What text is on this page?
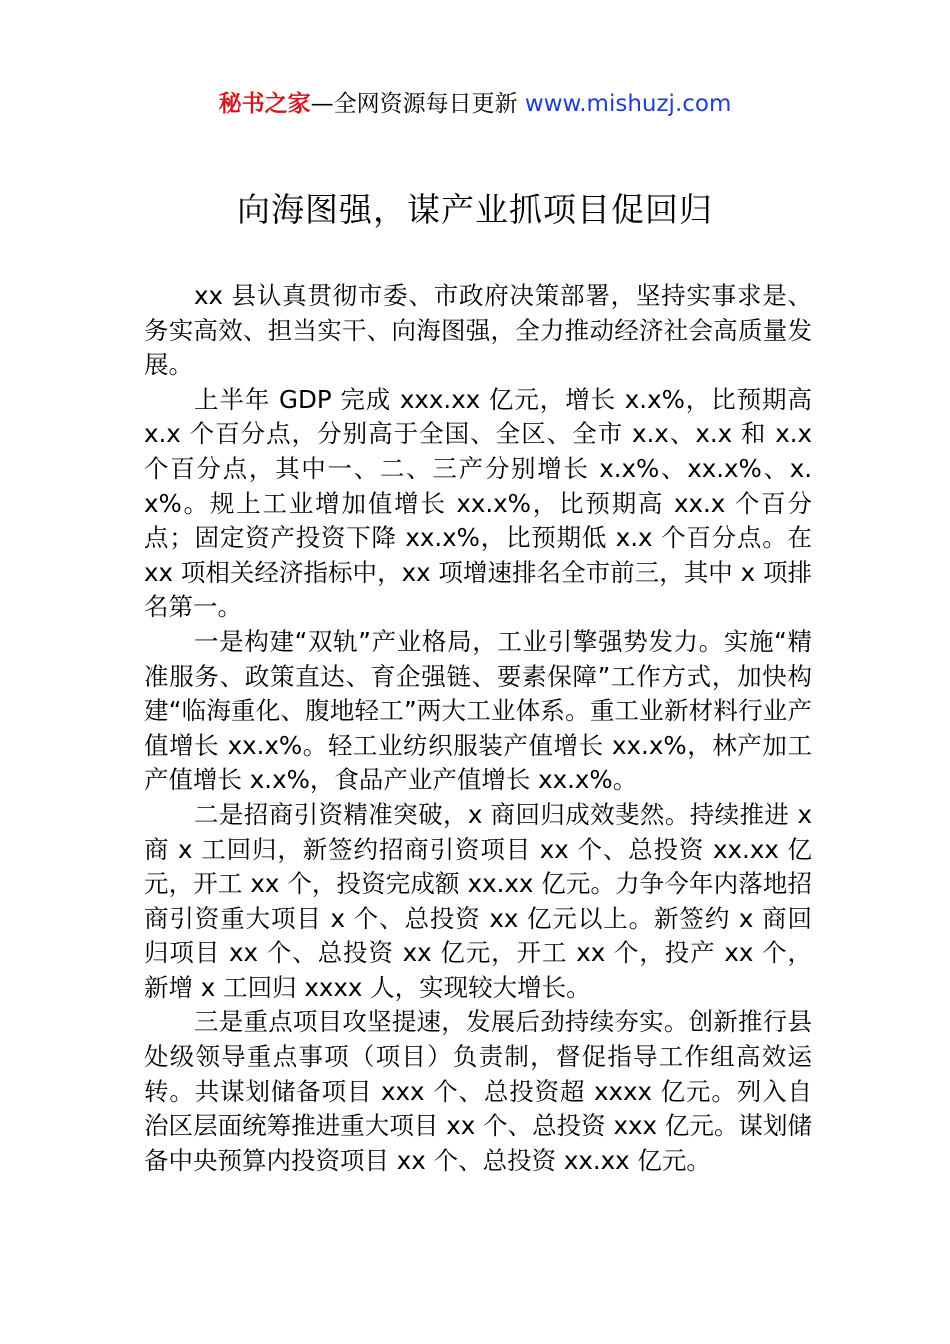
秘书之家—全网资源每日更新 www.mishuzj.com
向海图强，谋产业抓项目促回归

xx 县认真贯彻市委、市政府决策部署，坚持实事求是、务实高效、担当实干、向海图强，全力推动经济社会高质量发展。

上半年 GDP 完成 xxx.xx 亿元，增长 x.x%，比预期高 x.x 个百分点，分别高于全国、全区、全市 x.x、x.x 和 x.x 个百分点，其中一、二、三产分别增长 x.x%、xx.x%、x.x%。规上工业增加值增长 xx.x%，比预期高 xx.x 个百分点；固定资产投资下降 xx.x%，比预期低 x.x 个百分点。在 xx 项相关经济指标中，xx 项增速排名全市前三，其中 x 项排名第一。

一是构建“双轨”产业格局，工业引擎强势发力。实施“精准服务、政策直达、育企强链、要素保障”工作方式，加快构建“临海重化、腹地轻工”两大工业体系。重工业新材料行业产值增长 xx.x%。轻工业纺织服装产值增长 xx.x%，林产加工产值增长 x.x%，食品产业产值增长 xx.x%。

二是招商引资精准突破，x 商回归成效斐然。持续推进 x 商 x 工回归，新签约招商引资项目 xx 个、总投资 xx.xx 亿元，开工 xx 个，投资完成额 xx.xx 亿元。力争今年内落地招商引资重大项目 x 个、总投资 xx 亿元以上。新签约 x 商回归项目 xx 个、总投资 xx 亿元，开工 xx 个，投产 xx 个，新增 x 工回归 xxxx 人，实现较大增长。

三是重点项目攻坚提速，发展后劲持续夯实。创新推行县处级领导重点事项（项目）负责制，督促指导工作组高效运转。共谋划储备项目 xxx 个、总投资超 xxxx 亿元。列入自治区层面统筹推进重大项目 xx 个、总投资 xxx 亿元。谋划储备中央预算内投资项目 xx 个、总投资 xx.xx 亿元。
